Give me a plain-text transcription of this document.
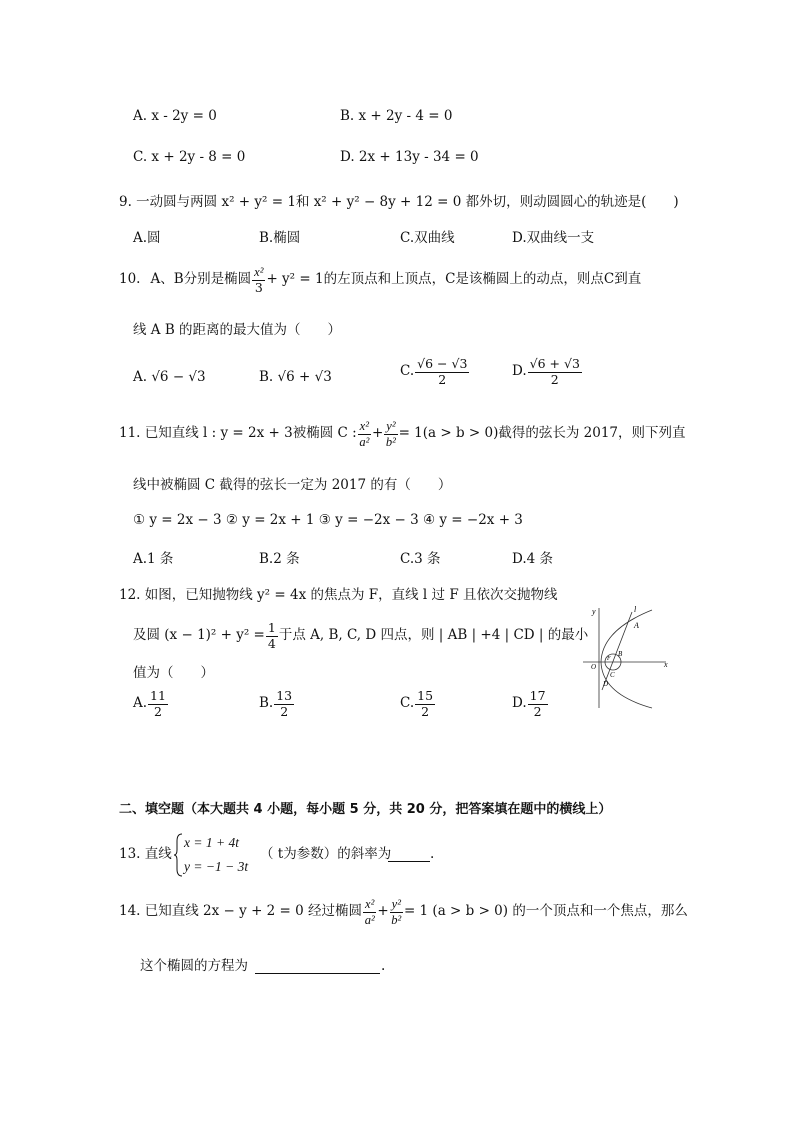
A. x - 2y = 0	B. x + 2y - 4 = 0
C. x + 2y - 8 = 0	D. 2x + 13y - 34 = 0
9. 一动圆与两圆 x² + y² = 1和 x² + y² − 8y + 12 = 0 都外切，则动圆圆心的轨迹是(　　)
A.圆	B.椭圆	C.双曲线	D.双曲线一支
10. A、B分别是椭圆 $\frac{\text{x²}}{3} + y^2 = 1$的左顶点和上顶点，C是该椭圆上的动点，则点C到直
线 A B 的距离的最大值为（　　）
A. √6 − √3	B. √6 + √3	C. $\frac{√6 - √3}{2}$	D. $\frac{√6 + √3}{2}$
11. 已知直线 l : y = 2x + 3被椭圆 C : $\frac{\text{x²}}{\text{a²}} + \frac{\text{y²}}{\text{b²}} = 1(a > b > 0)$截得的弦长为 2017，则下列直
线中被椭圆 C 截得的弦长一定为 2017 的有（　　）
① y = 2x − 3 ② y = 2x + 1 ③ y = −2x − 3 ④ y = −2x + 3
A.1 条	B.2 条	C.3 条	D.4 条
12. 如图，已知抛物线 y² = 4x 的焦点为 F，直线 l 过 F 且依次交抛物线
及圆 $(x - 1)^2 + y^2 = \frac{1}{4}$ 于点 A, B, C, D 四点，则 | AB | +4 | CD | 的最小
值为（　　）
A. $\frac{11}{2}$	B. $\frac{13}{2}$	C. $\frac{15}{2}$	D. $\frac{17}{2}$
y	l
A
B
F
O
C
D
x
二、填空题（本大题共 4 小题，每小题 5 分，共 20 分，把答案填在题中的横线上）
13. 直线
x = 1 + 4t
y = −1 − 3t
（ t为参数）的斜率为	.
14. 已知直线 2x − y + 2 = 0 经过椭圆 $\frac{\text{x²}}{\text{a²}} + \frac{\text{y²}}{\text{b²}} = 1$ (a > b > 0) 的一个顶点和一个焦点，那么
这个椭圆的方程为	.
